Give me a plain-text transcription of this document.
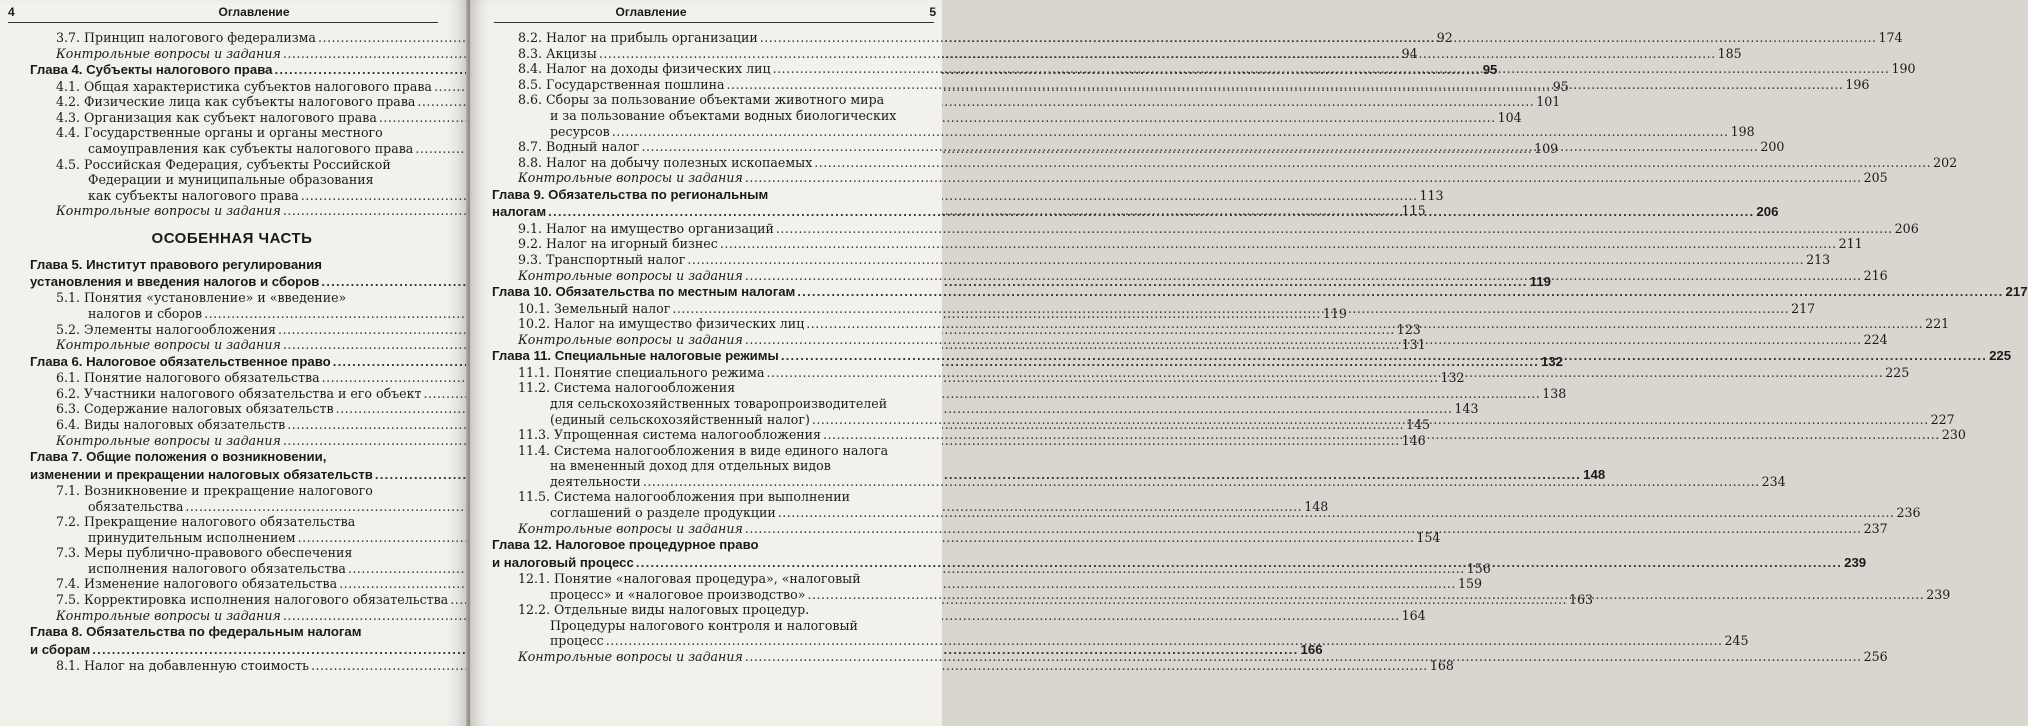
4	Оглавление
3.7. Принцип налогового федерализма .....	92
Контрольные вопросы и задания .....	94
Глава 4. Субъекты налогового права .....	95
4.1. Общая характеристика субъектов налогового права .....	95
4.2. Физические лица как субъекты налогового права .....	101
4.3. Организация как субъект налогового права .....	104
4.4. Государственные органы и органы местного
самоуправления как субъекты налогового права .....	109
4.5. Российская Федерация, субъекты Российской
Федерации и муниципальные образования
как субъекты налогового права .....	113
Контрольные вопросы и задания .....	115
ОСОБЕННАЯ ЧАСТЬ
Глава 5. Институт правового регулирования
установления и введения налогов и сборов .....	119
5.1. Понятия «установление» и «введение»
налогов и сборов .....	119
5.2. Элементы налогообложения .....	123
Контрольные вопросы и задания .....	131
Глава 6. Налоговое обязательственное право .....	132
6.1. Понятие налогового обязательства .....	132
6.2. Участники налогового обязательства и его объект .....	138
6.3. Содержание налоговых обязательств .....	143
6.4. Виды налоговых обязательств .....	145
Контрольные вопросы и задания .....	146
Глава 7. Общие положения о возникновении,
изменении и прекращении налоговых обязательств .....	148
7.1. Возникновение и прекращение налогового
обязательства .....	148
7.2. Прекращение налогового обязательства
принудительным исполнением .....	154
7.3. Меры публично-правового обеспечения
исполнения налогового обязательства .....	156
7.4. Изменение налогового обязательства .....	159
7.5. Корректировка исполнения налогового обязательства .....	163
Контрольные вопросы и задания .....	164
Глава 8. Обязательства по федеральным налогам
и сборам .....	166
8.1. Налог на добавленную стоимость .....	168
Оглавление	5
8.2. Налог на прибыль организации .....	174
8.3. Акцизы .....	185
8.4. Налог на доходы физических лиц .....	190
8.5. Государственная пошлина .....	196
8.6. Сборы за пользование объектами животного мира
и за пользование объектами водных биологических
ресурсов .....	198
8.7. Водный налог .....	200
8.8. Налог на добычу полезных ископаемых .....	202
Контрольные вопросы и задания .....	205
Глава 9. Обязательства по региональным
налогам .....	206
9.1. Налог на имущество организаций .....	206
9.2. Налог на игорный бизнес .....	211
9.3. Транспортный налог .....	213
Контрольные вопросы и задания .....	216
Глава 10. Обязательства по местным налогам .....	217
10.1. Земельный налог .....	217
10.2. Налог на имущество физических лиц .....	221
Контрольные вопросы и задания .....	224
Глава 11. Специальные налоговые режимы .....	225
11.1. Понятие специального режима .....	225
11.2. Система налогообложения
для сельскохозяйственных товаропроизводителей
(единый сельскохозяйственный налог) .....	227
11.3. Упрощенная система налогообложения .....	230
11.4. Система налогообложения в виде единого налога
на вмененный доход для отдельных видов
деятельности .....	234
11.5. Система налогообложения при выполнении
соглашений о разделе продукции .....	236
Контрольные вопросы и задания .....	237
Глава 12. Налоговое процедурное право
и налоговый процесс .....	239
12.1. Понятие «налоговая процедура», «налоговый
процесс» и «налоговое производство» .....	239
12.2. Отдельные виды налоговых процедур.
Процедуры налогового контроля и налоговый
процесс .....	245
Контрольные вопросы и задания .....	256
